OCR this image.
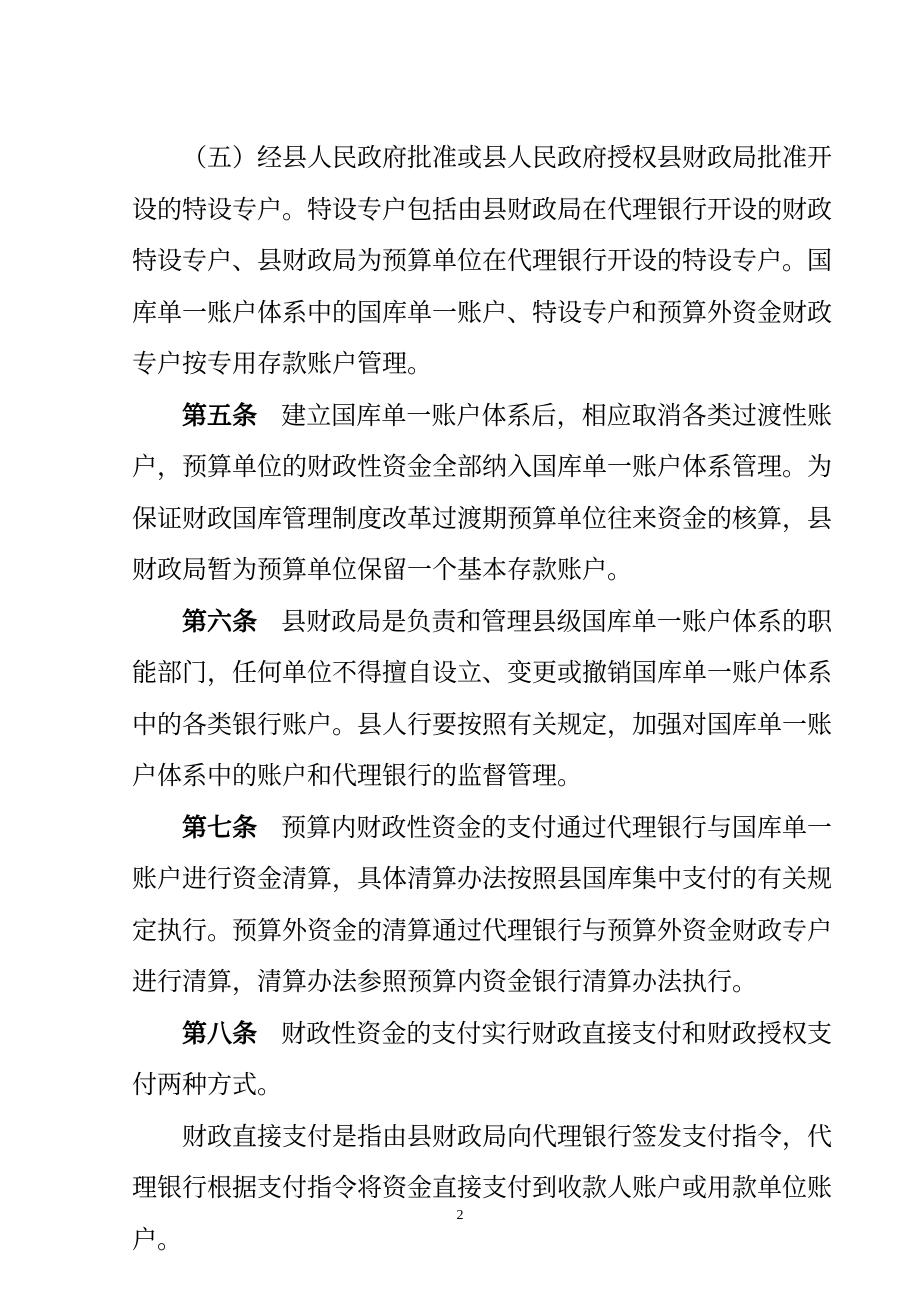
（五）经县人民政府批准或县人民政府授权县财政局批准开设的特设专户。特设专户包括由县财政局在代理银行开设的财政特设专户、县财政局为预算单位在代理银行开设的特设专户。国库单一账户体系中的国库单一账户、特设专户和预算外资金财政专户按专用存款账户管理。

第五条 建立国库单一账户体系后，相应取消各类过渡性账户，预算单位的财政性资金全部纳入国库单一账户体系管理。为保证财政国库管理制度改革过渡期预算单位往来资金的核算，县财政局暂为预算单位保留一个基本存款账户。

第六条 县财政局是负责和管理县级国库单一账户体系的职能部门，任何单位不得擅自设立、变更或撤销国库单一账户体系中的各类银行账户。县人行要按照有关规定，加强对国库单一账户体系中的账户和代理银行的监督管理。

第七条 预算内财政性资金的支付通过代理银行与国库单一账户进行资金清算，具体清算办法按照县国库集中支付的有关规定执行。预算外资金的清算通过代理银行与预算外资金财政专户进行清算，清算办法参照预算内资金银行清算办法执行。

第八条 财政性资金的支付实行财政直接支付和财政授权支付两种方式。

财政直接支付是指由县财政局向代理银行签发支付指令，代理银行根据支付指令将资金直接支付到收款人账户或用款单位账户。

2
